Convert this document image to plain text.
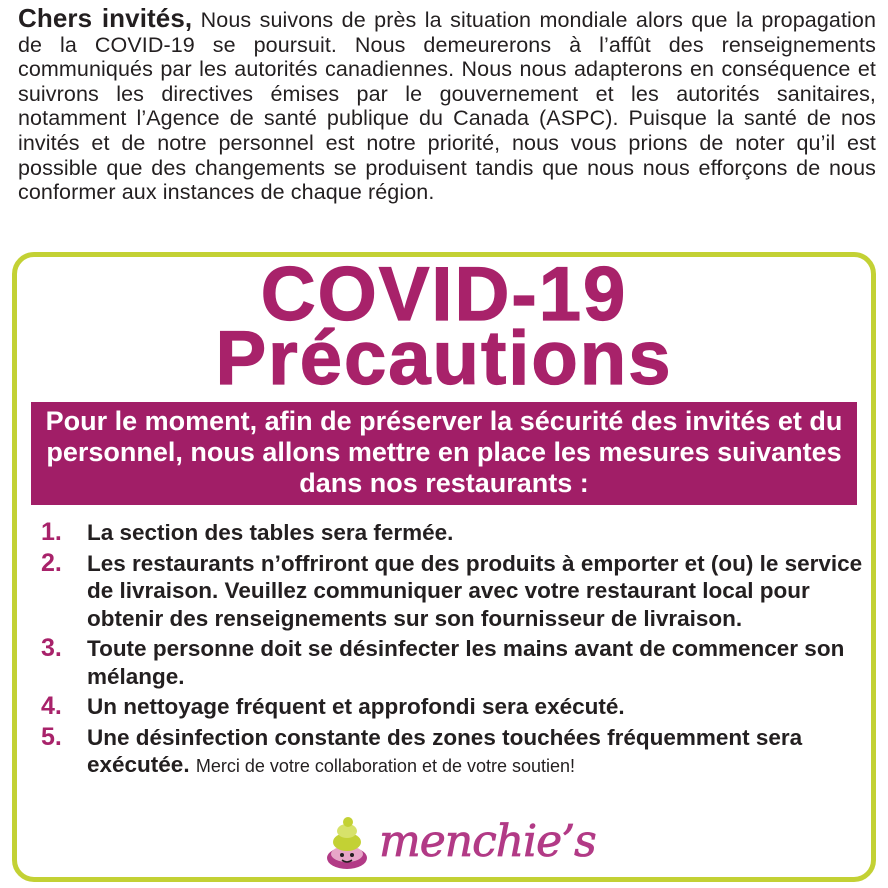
Chers invités, Nous suivons de près la situation mondiale alors que la propagation de la COVID-19 se poursuit. Nous demeurerons à l’affût des renseignements communiqués par les autorités canadiennes. Nous nous adapterons en conséquence et suivrons les directives émises par le gouvernement et les autorités sanitaires, notamment l’Agence de santé publique du Canada (ASPC). Puisque la santé de nos invités et de notre personnel est notre priorité, nous vous prions de noter qu’il est possible que des changements se produisent tandis que nous nous efforçons de nous conformer aux instances de chaque région.
COVID-19
Précautions
Pour le moment, afin de préserver la sécurité des invités et du personnel, nous allons mettre en place les mesures suivantes dans nos restaurants :
1. La section des tables sera fermée.
2. Les restaurants n’offriront que des produits à emporter et (ou) le service de livraison. Veuillez communiquer avec votre restaurant local pour obtenir des renseignements sur son fournisseur de livraison.
3. Toute personne doit se désinfecter les mains avant de commencer son mélange.
4. Un nettoyage fréquent et approfondi sera exécuté.
5. Une désinfection constante des zones touchées fréquemment sera exécutée. Merci de votre collaboration et de votre soutien!
menchie’s
